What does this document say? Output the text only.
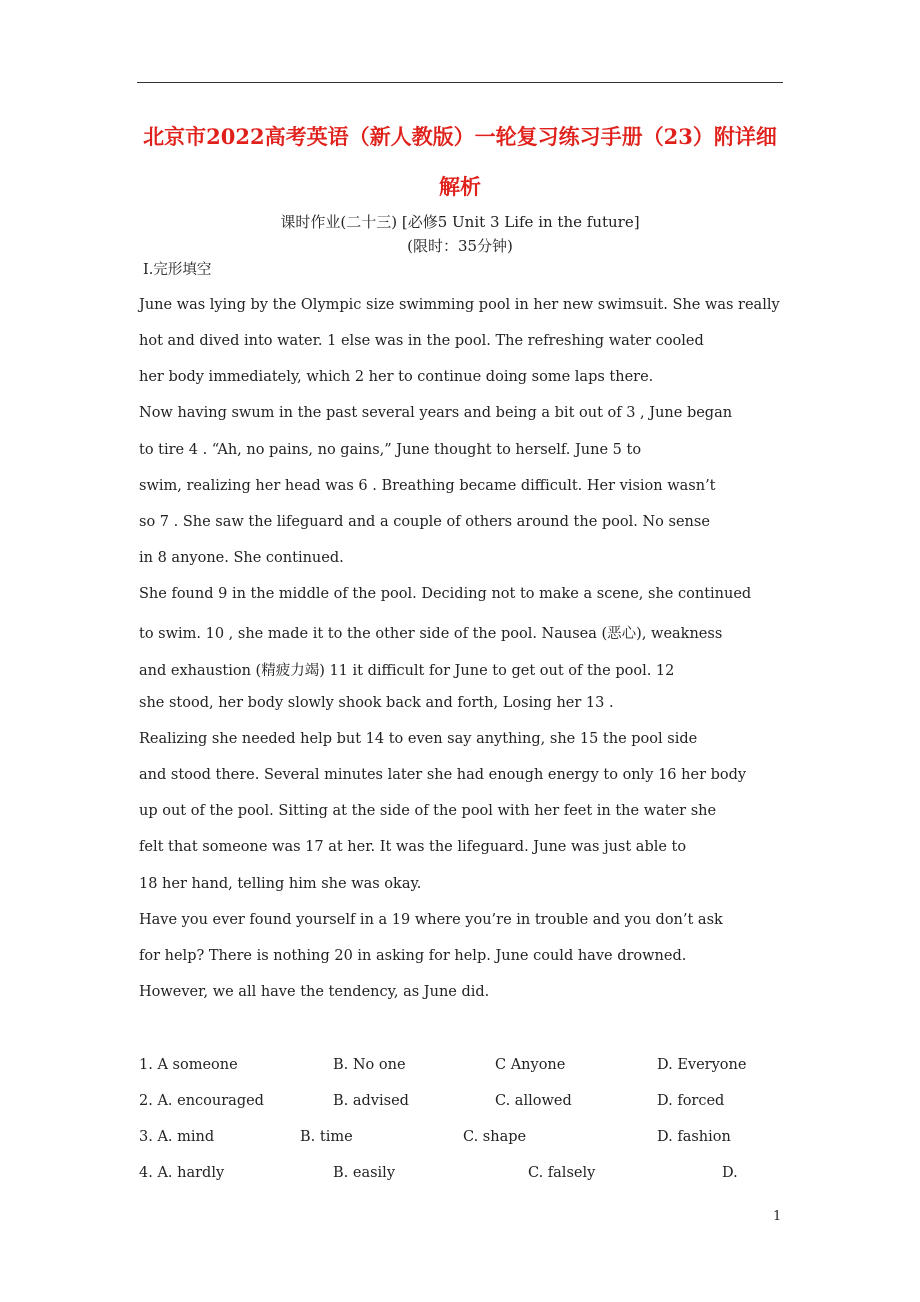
北京市2022高考英语（新人教版）一轮复习练习手册（23）附详细
解析
课时作业(二十三) [必修5 Unit 3 Life in the future]
(限时：35分钟)
Ⅰ.完形填空
June was lying by the Olympic size swimming pool in her new swimsuit. She was really
hot and dived into water. 1 else was in the pool. The refreshing water cooled
her body immediately, which 2 her to continue doing some laps there.
Now having swum in the past several years and being a bit out of 3 , June began
to tire 4 . “Ah, no pains, no gains,” June thought to herself. June 5 to
swim, realizing her head was 6 . Breathing became difficult. Her vision wasn’t
so 7 . She saw the lifeguard and a couple of others around the pool. No sense
in 8 anyone. She continued.
She found 9 in the middle of the pool. Deciding not to make a scene, she continued
to swim. 10 , she made it to the other side of the pool. Nausea (恶心), weakness
and exhaustion (精疲力竭) 11 it difficult for June to get out of the pool. 12
she stood, her body slowly shook back and forth, Losing her 13 .
Realizing she needed help but 14 to even say anything, she 15 the pool side
and stood there. Several minutes later she had enough energy to only 16 her body
up out of the pool. Sitting at the side of the pool with her feet in the water she
felt that someone was 17 at her. It was the lifeguard. June was just able to
18 her hand, telling him she was okay.
Have you ever found yourself in a 19 where you’re in trouble and you don’t ask
for help? There is nothing 20 in asking for help. June could have drowned.
However, we all have the tendency, as June did.
1. A someone	B. No one	C Anyone	D. Everyone
2. A. encouraged	B. advised	C. allowed	D. forced
3. A. mind	B. time	C. shape	D. fashion
4. A. hardly	B. easily	C. falsely	D.
1
